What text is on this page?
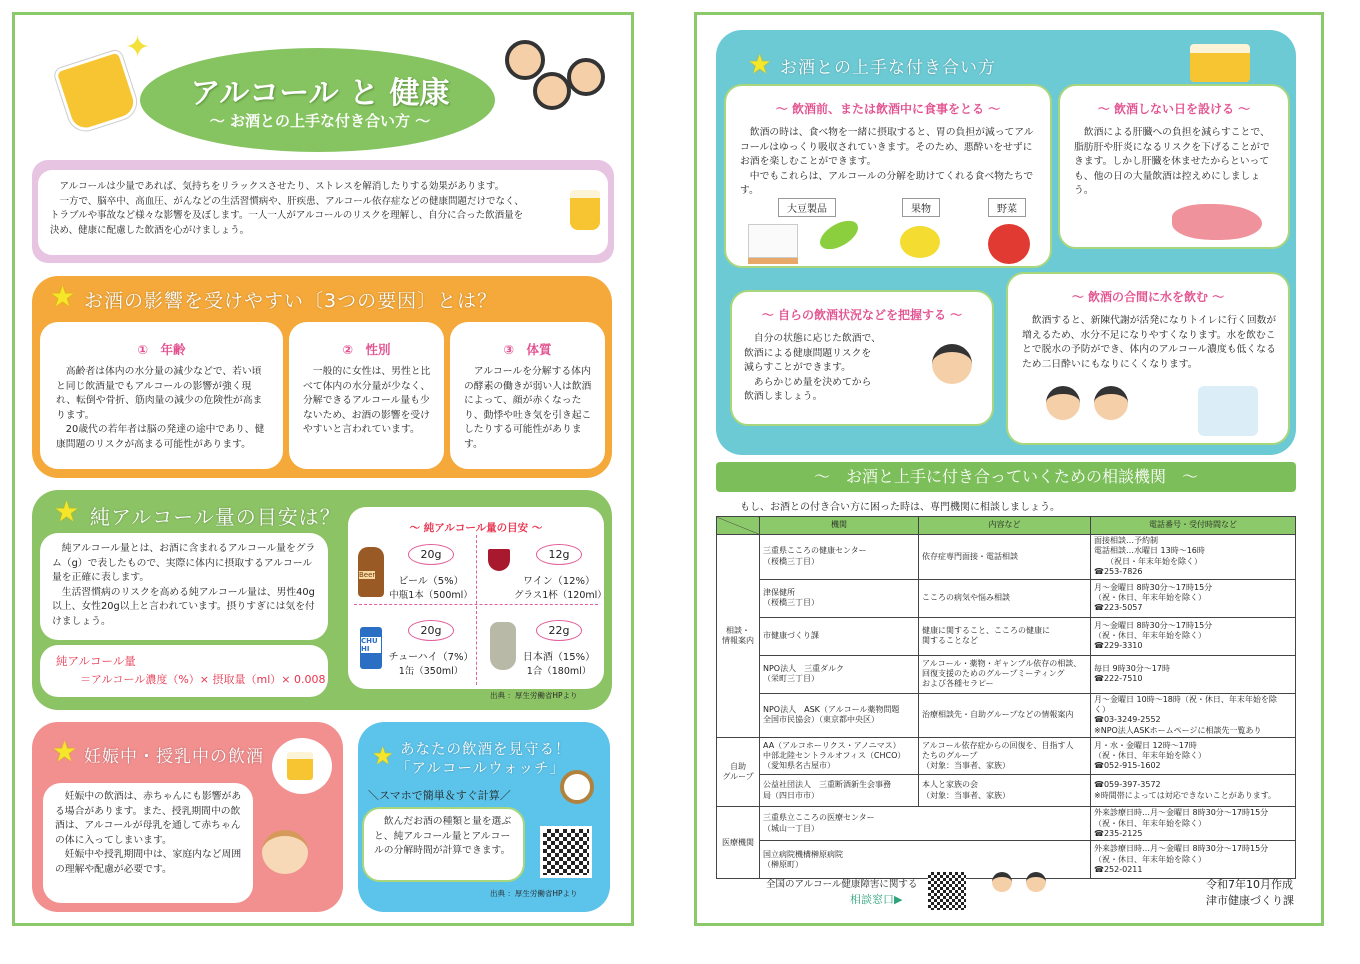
✦
アルコール と 健康
～ お酒との上手な付き合い方 ～
　アルコールは少量であれば、気持ちをリラックスさせたり、ストレスを解消したりする効果があります。
　一方で、脳卒中、高血圧、がんなどの生活習慣病や、肝疾患、アルコール依存症などの健康問題だけでなく、
トラブルや事故など様々な影響を及ぼします。一人一人がアルコールのリスクを理解し、自分に合った飲酒量を
決め、健康に配慮した飲酒を心がけましょう。
★ お酒の影響を受けやすい〔3つの要因〕とは？
①　年齢
　高齢者は体内の水分量の減少などで、若い頃と同じ飲酒量でもアルコールの影響が強く現れ、転倒や骨折、筋肉量の減少の危険性が高まります。
　20歳代の若年者は脳の発達の途中であり、健康問題のリスクが高まる可能性があります。
②　性別
　一般的に女性は、男性と比べて体内の水分量が少なく、分解できるアルコール量も少ないため、お酒の影響を受けやすいと言われています。
③　体質
　アルコールを分解する体内の酵素の働きが弱い人は飲酒によって、顔が赤くなったり、動悸や吐き気を引き起こしたりする可能性があります。
★ 純アルコール量の目安は？
　純アルコール量とは、お酒に含まれるアルコール量をグラム（g）で表したもので、実際に体内に摂取するアルコール量を正確に表します。
　生活習慣病のリスクを高める純アルコール量は、男性40g以上、女性20g以上と言われています。摂りすぎには気を付けましょう。
純アルコール量
＝アルコール濃度（%）× 摂取量（ml）× 0.008
～ 純アルコール量の目安 ～
Beer
CHU HI
20g
ビール（5%）
中瓶1本（500ml）
12g
ワイン（12%）
グラス1杯（120ml）
20g
チューハイ（7%）
1缶（350ml）
22g
日本酒（15%）
1合（180ml）
出典 ：厚生労働省HPより
★ 妊娠中・授乳中の飲酒
　妊娠中の飲酒は、赤ちゃんにも影響がある場合があります。また、授乳期間中の飲酒は、アルコールが母乳を通して赤ちゃんの体に入ってしまいます。
　妊娠中や授乳期間中は、家庭内など周囲の理解や配慮が必要です。
★ あなたの飲酒を見守る！
「アルコールウォッチ」
＼スマホで簡単＆すぐ計算／
　飲んだお酒の種類と量を選ぶと、純アルコール量とアルコールの分解時間が計算できます。
出典 ：厚生労働省HPより
★ お酒との上手な付き合い方
～ 飲酒前、または飲酒中に食事をとる ～
　飲酒の時は、食べ物を一緒に摂取すると、胃の負担が減ってアルコールはゆっくり吸収されていきます。そのため、悪酔いをせずにお酒を楽しむことができます。
　中でもこれらは、アルコールの分解を助けてくれる食べ物たちです。
大豆製品	果物	野菜
～ 飲酒しない日を設ける ～
　飲酒による肝臓への負担を減らすことで、脂肪肝や肝炎になるリスクを下げることができます。しかし肝臓を休ませたからといっても、他の日の大量飲酒は控えめにしましょう。
～ 自らの飲酒状況などを把握する ～
　自分の状態に応じた飲酒で、
飲酒による健康問題リスクを
減らすことができます。
　あらかじめ量を決めてから
飲酒しましょう。
～ 飲酒の合間に水を飲む ～
　飲酒すると、新陳代謝が活発になりトイレに行く回数が増えるため、水分不足になりやすくなります。水を飲むことで脱水の予防ができ、体内のアルコール濃度も低くなるため二日酔いにもなりにくくなります。
～　お酒と上手に付き合っていくための相談機関　～
もし、お酒との付き合い方に困った時は、専門機関に相談しましょう。
	機関	内容など	電話番号・受付時間など
相談・
情報案内	三重県こころの健康センター
（桜橋三丁目）	依存症専門面接・電話相談	面接相談…予約制
電話相談…水曜日 13時～16時
　　（祝日・年末年始を除く）
☎253-7826
	津保健所
（桜橋三丁目）	こころの病気や悩み相談	月～金曜日 8時30分～17時15分
（祝・休日、年末年始を除く）
☎223-5057
	市健康づくり課	健康に関すること、こころの健康に
関することなど	月～金曜日 8時30分～17時15分
（祝・休日、年末年始を除く）
☎229-3310
	NPO法人　三重ダルク
（栄町三丁目）	アルコール・薬物・ギャンブル依存の相談、
回復支援のためのグループミーティング
および各種セラピー	毎日 9時30分～17時
☎222-7510
	NPO法人　ASK（アルコール薬物問題
全国市民協会）（東京都中央区）	治療相談先・自助グループなどの情報案内	月～金曜日 10時～18時（祝・休日、年末年始を除く）
☎03-3249-2552
※NPO法人ASKホームページに相談先一覧あり
自助
グループ	AA（アルコホーリクス・アノニマス）
中部北陸セントラルオフィス（CHCO）
（愛知県名古屋市）	アルコール依存症からの回復を、目指す人
たちのグループ
（対象：当事者、家族）	月・水・金曜日 12時～17時
（祝・休日、年末年始を除く）
☎052-915-1602
	公益社団法人　三重断酒新生会事務
局（四日市市）	本人と家族の会
（対象：当事者、家族）	☎059-397-3572
※時間帯によっては対応できないことがあります。
医療機関	三重県立こころの医療センター
（城山一丁目）		外来診療日時…月～金曜日 8時30分～17時15分
（祝・休日、年末年始を除く）
☎235-2125
	国立病院機構榊原病院
（榊原町）		外来診療日時…月～金曜日 8時30分～17時15分
（祝・休日、年末年始を除く）
☎252-0211
全国のアルコール健康障害に関する
相談窓口▶
令和7年10月作成
津市健康づくり課
